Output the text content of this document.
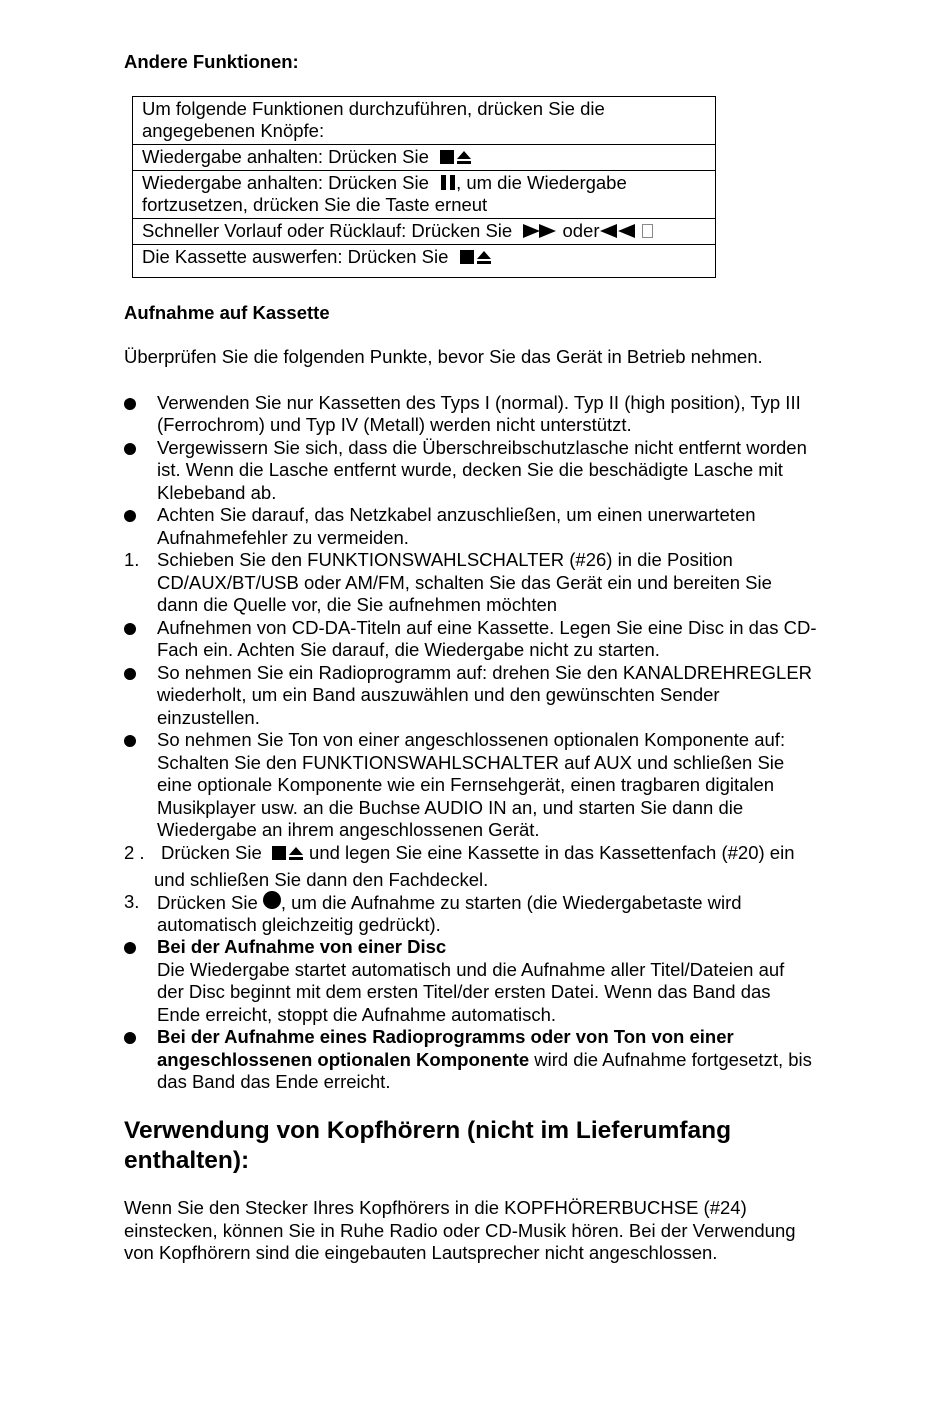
Andere Funktionen:
Um folgende Funktionen durchzuführen, drücken Sie die angegebenen Knöpfe:
Wiedergabe anhalten: Drücken Sie
Wiedergabe anhalten: Drücken Sie , um die Wiedergabe fortzusetzen, drücken Sie die Taste erneut
Schneller Vorlauf oder Rücklauf: Drücken Sie	oder
Die Kassette auswerfen: Drücken Sie
Aufnahme auf Kassette
Überprüfen Sie die folgenden Punkte, bevor Sie das Gerät in Betrieb nehmen.
Verwenden Sie nur Kassetten des Typs I (normal). Typ II (high position), Typ III
(Ferrochrom) und Typ IV (Metall) werden nicht unterstützt.
Vergewissern Sie sich, dass die Überschreibschutzlasche nicht entfernt worden
ist. Wenn die Lasche entfernt wurde, decken Sie die beschädigte Lasche mit
Klebeband ab.
Achten Sie darauf, das Netzkabel anzuschließen, um einen unerwarteten
Aufnahmefehler zu vermeiden.
1. Schieben Sie den FUNKTIONSWAHLSCHALTER (#26) in die Position
CD/AUX/BT/USB oder AM/FM, schalten Sie das Gerät ein und bereiten Sie
dann die Quelle vor, die Sie aufnehmen möchten
Aufnehmen von CD-DA-Titeln auf eine Kassette. Legen Sie eine Disc in das CD-
Fach ein. Achten Sie darauf, die Wiedergabe nicht zu starten.
So nehmen Sie ein Radioprogramm auf: drehen Sie den KANALDREHREGLER
wiederholt, um ein Band auszuwählen und den gewünschten Sender
einzustellen.
So nehmen Sie Ton von einer angeschlossenen optionalen Komponente auf:
Schalten Sie den FUNKTIONSWAHLSCHALTER auf AUX und schließen Sie
eine optionale Komponente wie ein Fernsehgerät, einen tragbaren digitalen
Musikplayer usw. an die Buchse AUDIO IN an, und starten Sie dann die
Wiedergabe an ihrem angeschlossenen Gerät.
2 . Drücken Sie	und legen Sie eine Kassette in das Kassettenfach (#20) ein
und schließen Sie dann den Fachdeckel.
3. Drücken Sie , um die Aufnahme zu starten (die Wiedergabetaste wird
automatisch gleichzeitig gedrückt).
Bei der Aufnahme von einer Disc
Die Wiedergabe startet automatisch und die Aufnahme aller Titel/Dateien auf
der Disc beginnt mit dem ersten Titel/der ersten Datei. Wenn das Band das
Ende erreicht, stoppt die Aufnahme automatisch.
Bei der Aufnahme eines Radioprogramms oder von Ton von einer
angeschlossenen optionalen Komponente wird die Aufnahme fortgesetzt, bis
das Band das Ende erreicht.
Verwendung von Kopfhörern (nicht im Lieferumfang
enthalten):
Wenn Sie den Stecker Ihres Kopfhörers in die KOPFHÖRERBUCHSE (#24)
einstecken, können Sie in Ruhe Radio oder CD-Musik hören. Bei der Verwendung
von Kopfhörern sind die eingebauten Lautsprecher nicht angeschlossen.
